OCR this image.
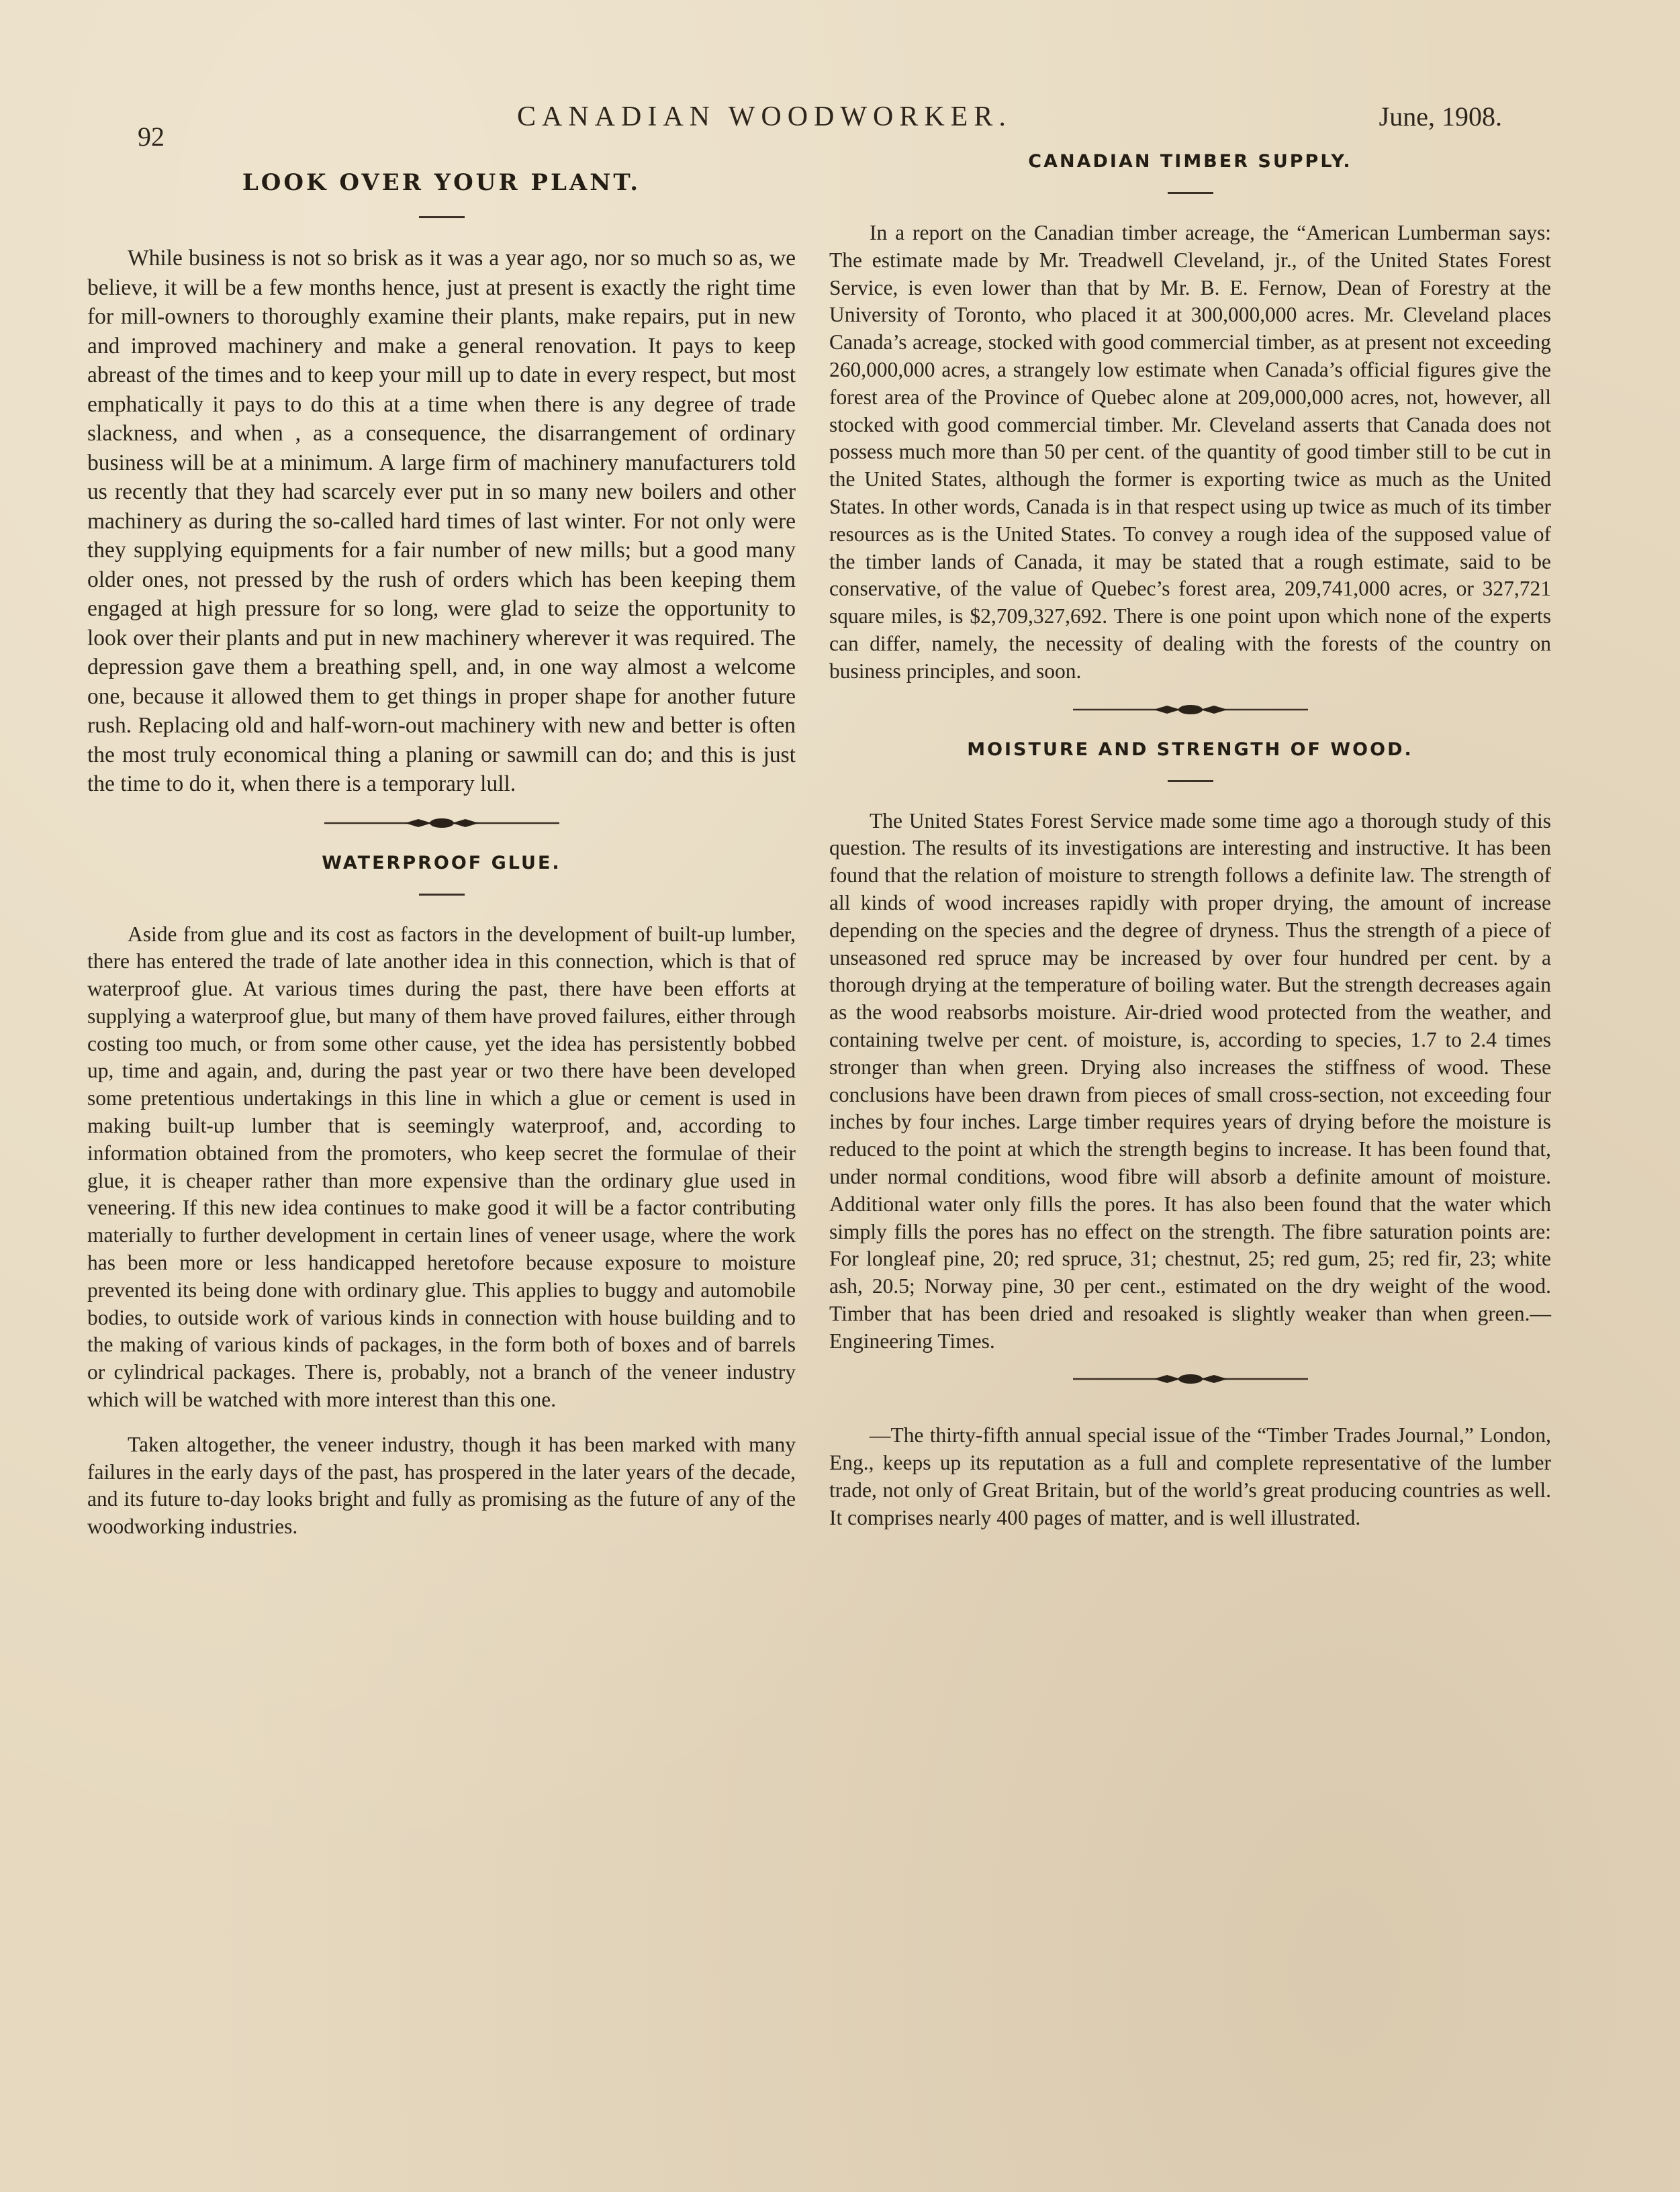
92
CANADIAN WOODWORKER.	June, 1908.
LOOK OVER YOUR PLANT.

While business is not so brisk as it was a year ago, nor so much so as, we believe, it will be a few months hence, just at present is exactly the right time for mill-owners to thoroughly examine their plants, make repairs, put in new and improved machinery and make a general renovation. It pays to keep abreast of the times and to keep your mill up to date in every respect, but most emphatically it pays to do this at a time when there is any degree of trade slackness, and when , as a consequence, the disarrangement of ordinary business will be at a minimum. A large firm of machinery manufacturers told us recently that they had scarcely ever put in so many new boilers and other machinery as during the so-called hard times of last winter. For not only were they supplying equipments for a fair number of new mills; but a good many older ones, not pressed by the rush of orders which has been keeping them engaged at high pressure for so long, were glad to seize the opportunity to look over their plants and put in new machinery wherever it was required. The depression gave them a breathing spell, and, in one way almost a welcome one, because it allowed them to get things in proper shape for another future rush. Replacing old and half-worn-out machinery with new and better is often the most truly economical thing a planing or sawmill can do; and this is just the time to do it, when there is a temporary lull.

WATERPROOF GLUE.

Aside from glue and its cost as factors in the development of built-up lumber, there has entered the trade of late another idea in this connection, which is that of waterproof glue. At various times during the past, there have been efforts at supplying a waterproof glue, but many of them have proved failures, either through costing too much, or from some other cause, yet the idea has persistently bobbed up, time and again, and, during the past year or two there have been developed some pretentious undertakings in this line in which a glue or cement is used in making built-up lumber that is seemingly waterproof, and, according to information obtained from the promoters, who keep secret the formulae of their glue, it is cheaper rather than more expensive than the ordinary glue used in veneering. If this new idea continues to make good it will be a factor contributing materially to further development in certain lines of veneer usage, where the work has been more or less handicapped heretofore because exposure to moisture prevented its being done with ordinary glue. This applies to buggy and automobile bodies, to outside work of various kinds in connection with house building and to the making of various kinds of packages, in the form both of boxes and of barrels or cylindrical packages. There is, probably, not a branch of the veneer industry which will be watched with more interest than this one.

Taken altogether, the veneer industry, though it has been marked with many failures in the early days of the past, has prospered in the later years of the decade, and its future to-day looks bright and fully as promising as the future of any of the woodworking industries.

CANADIAN TIMBER SUPPLY.

In a report on the Canadian timber acreage, the “American Lumberman says: The estimate made by Mr. Treadwell Cleveland, jr., of the United States Forest Service, is even lower than that by Mr. B. E. Fernow, Dean of Forestry at the University of Toronto, who placed it at 300,000,000 acres. Mr. Cleveland places Canada’s acreage, stocked with good commercial timber, as at present not exceeding 260,000,000 acres, a strangely low estimate when Canada’s official figures give the forest area of the Province of Quebec alone at 209,000,000 acres, not, however, all stocked with good commercial timber. Mr. Cleveland asserts that Canada does not possess much more than 50 per cent. of the quantity of good timber still to be cut in the United States, although the former is exporting twice as much as the United States. In other words, Canada is in that respect using up twice as much of its timber resources as is the United States. To convey a rough idea of the supposed value of the timber lands of Canada, it may be stated that a rough estimate, said to be conservative, of the value of Quebec’s forest area, 209,741,000 acres, or 327,721 square miles, is $2,709,327,692. There is one point upon which none of the experts can differ, namely, the necessity of dealing with the forests of the country on business principles, and soon.

MOISTURE AND STRENGTH OF WOOD.

The United States Forest Service made some time ago a thorough study of this question. The results of its investigations are interesting and instructive. It has been found that the relation of moisture to strength follows a definite law. The strength of all kinds of wood increases rapidly with proper drying, the amount of increase depending on the species and the degree of dryness. Thus the strength of a piece of unseasoned red spruce may be increased by over four hundred per cent. by a thorough drying at the temperature of boiling water. But the strength decreases again as the wood reabsorbs moisture. Air-dried wood protected from the weather, and containing twelve per cent. of moisture, is, according to species, 1.7 to 2.4 times stronger than when green. Drying also increases the stiffness of wood. These conclusions have been drawn from pieces of small cross-section, not exceeding four inches by four inches. Large timber requires years of drying before the moisture is reduced to the point at which the strength begins to increase. It has been found that, under normal conditions, wood fibre will absorb a definite amount of moisture. Additional water only fills the pores. It has also been found that the water which simply fills the pores has no effect on the strength. The fibre saturation points are: For longleaf pine, 20; red spruce, 31; chestnut, 25; red gum, 25; red fir, 23; white ash, 20.5; Norway pine, 30 per cent., estimated on the dry weight of the wood. Timber that has been dried and resoaked is slightly weaker than when green.—Engineering Times.

—The thirty-fifth annual special issue of the “Timber Trades Journal,” London, Eng., keeps up its reputation as a full and complete representative of the lumber trade, not only of Great Britain, but of the world’s great producing countries as well. It comprises nearly 400 pages of matter, and is well illustrated.
